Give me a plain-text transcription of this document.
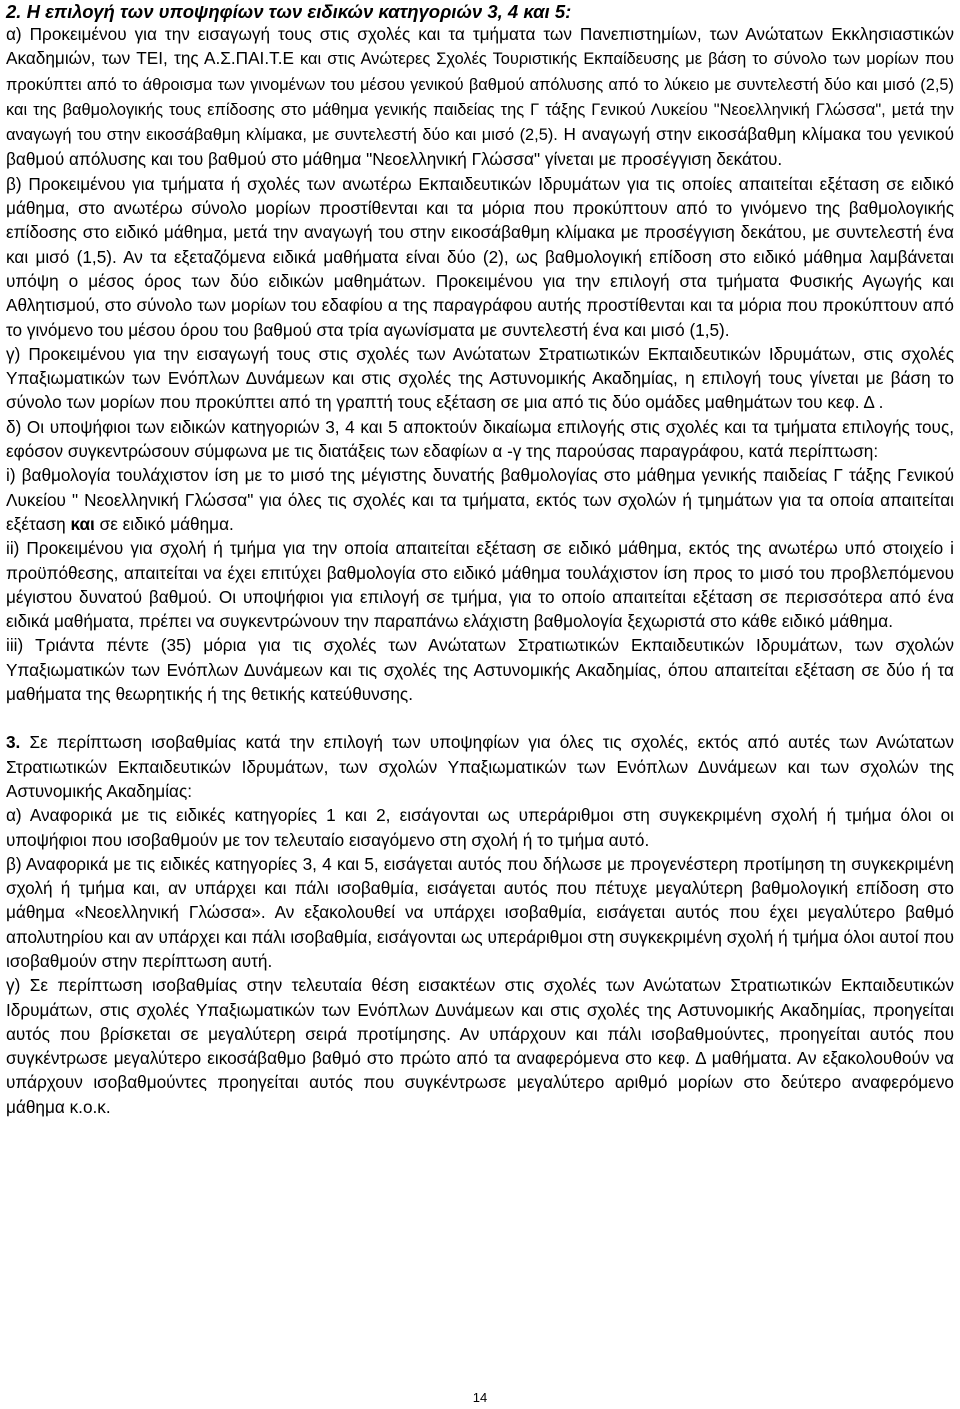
2. Η επιλογή των υποψηφίων των ειδικών κατηγοριών 3, 4 και 5:

α) Προκειμένου για την εισαγωγή τους στις σχολές και τα τμήματα των Πανεπιστημίων, των Ανώτατων Εκκλησιαστικών Ακαδημιών, των ΤΕΙ, της Α.Σ.ΠΑΙ.Τ.Ε και στις Ανώτερες Σχολές Τουριστικής Εκπαίδευσης με βάση το σύνολο των μορίων που προκύπτει από το άθροισμα των γινομένων του μέσου γενικού βαθμού απόλυσης από το λύκειο με συντελεστή δύο και μισό (2,5) και της βαθμολογικής τους επίδοσης στο μάθημα γενικής παιδείας της Γ τάξης Γενικού Λυκείου "Νεοελληνική Γλώσσα", μετά την αναγωγή του στην εικοσάβαθμη κλίμακα, με συντελεστή δύο και μισό (2,5). Η αναγωγή στην εικοσάβαθμη κλίμακα του γενικού βαθμού απόλυσης και του βαθμού στο μάθημα "Νεοελληνική Γλώσσα" γίνεται με προσέγγιση δεκάτου.

β) Προκειμένου για τμήματα ή σχολές των ανωτέρω Εκπαιδευτικών Ιδρυμάτων για τις οποίες απαιτείται εξέταση σε ειδικό μάθημα, στο ανωτέρω σύνολο μορίων προστίθενται και τα μόρια που προκύπτουν από το γινόμενο της βαθμολογικής επίδοσης στο ειδικό μάθημα, μετά την αναγωγή του στην εικοσάβαθμη κλίμακα με προσέγγιση δεκάτου, με συντελεστή ένα και μισό (1,5). Αν τα εξεταζόμενα ειδικά μαθήματα είναι δύο (2), ως βαθμολογική επίδοση στο ειδικό μάθημα λαμβάνεται υπόψη ο μέσος όρος των δύο ειδικών μαθημάτων. Προκειμένου για την επιλογή στα τμήματα Φυσικής Αγωγής και Αθλητισμού, στο σύνολο των μορίων του εδαφίου α της παραγράφου αυτής προστίθενται και τα μόρια που προκύπτουν από το γινόμενο του μέσου όρου του βαθμού στα τρία αγωνίσματα με συντελεστή ένα και μισό (1,5).

γ) Προκειμένου για την εισαγωγή τους στις σχολές των Ανώτατων Στρατιωτικών Εκπαιδευτικών Ιδρυμάτων, στις σχολές Υπαξιωματικών των Ενόπλων Δυνάμεων και στις σχολές της Αστυνομικής Ακαδημίας, η επιλογή τους γίνεται με βάση το σύνολο των μορίων που προκύπτει από τη γραπτή τους εξέταση σε μια από τις δύο ομάδες μαθημάτων του κεφ. Δ .

δ) Οι υποψήφιοι των ειδικών κατηγοριών 3, 4 και 5 αποκτούν δικαίωμα επιλογής στις σχολές και τα τμήματα επιλογής τους, εφόσον συγκεντρώσουν σύμφωνα με τις διατάξεις των εδαφίων α -γ της παρούσας παραγράφου, κατά περίπτωση:

i) βαθμολογία τουλάχιστον ίση με το μισό της μέγιστης δυνατής βαθμολογίας στο μάθημα γενικής παιδείας Γ τάξης Γενικού Λυκείου " Νεοελληνική Γλώσσα" για όλες τις σχολές και τα τμήματα, εκτός των σχολών ή τμημάτων για τα οποία απαιτείται εξέταση και σε ειδικό μάθημα.

ii) Προκειμένου για σχολή ή τμήμα για την οποία απαιτείται εξέταση σε ειδικό μάθημα, εκτός της ανωτέρω υπό στοιχείο i προϋπόθεσης, απαιτείται να έχει επιτύχει βαθμολογία στο ειδικό μάθημα τουλάχιστον ίση προς το μισό του προβλεπόμενου μέγιστου δυνατού βαθμού. Οι υποψήφιοι για επιλογή σε τμήμα, για το οποίο απαιτείται εξέταση σε περισσότερα από ένα ειδικά μαθήματα, πρέπει να συγκεντρώνουν την παραπάνω ελάχιστη βαθμολογία ξεχωριστά στο κάθε ειδικό μάθημα.

iii) Τριάντα πέντε (35) μόρια για τις σχολές των Ανώτατων Στρατιωτικών Εκπαιδευτικών Ιδρυμάτων, των σχολών Υπαξιωματικών των Ενόπλων Δυνάμεων και τις σχολές της Αστυνομικής Ακαδημίας, όπου απαιτείται εξέταση σε δύο ή τα μαθήματα της θεωρητικής ή της θετικής κατεύθυνσης.

3. Σε περίπτωση ισοβαθμίας κατά την επιλογή των υποψηφίων για όλες τις σχολές, εκτός από αυτές των Ανώτατων Στρατιωτικών Εκπαιδευτικών Ιδρυμάτων, των σχολών Υπαξιωματικών των Ενόπλων Δυνάμεων και των σχολών της Αστυνομικής Ακαδημίας:

α) Αναφορικά με τις ειδικές κατηγορίες 1 και 2, εισάγονται ως υπεράριθμοι στη συγκεκριμένη σχολή ή τμήμα όλοι οι υποψήφιοι που ισοβαθμούν με τον τελευταίο εισαγόμενο στη σχολή ή το τμήμα αυτό.

β) Αναφορικά με τις ειδικές κατηγορίες 3, 4 και 5, εισάγεται αυτός που δήλωσε με προγενέστερη προτίμηση τη συγκεκριμένη σχολή ή τμήμα και, αν υπάρχει και πάλι ισοβαθμία, εισάγεται αυτός που πέτυχε μεγαλύτερη βαθμολογική επίδοση στο μάθημα «Νεοελληνική Γλώσσα». Αν εξακολουθεί να υπάρχει ισοβαθμία, εισάγεται αυτός που έχει μεγαλύτερο βαθμό απολυτηρίου και αν υπάρχει και πάλι ισοβαθμία, εισάγονται ως υπεράριθμοι στη συγκεκριμένη σχολή ή τμήμα όλοι αυτοί που ισοβαθμούν στην περίπτωση αυτή.

γ) Σε περίπτωση ισοβαθμίας στην τελευταία θέση εισακτέων στις σχολές των Ανώτατων Στρατιωτικών Εκπαιδευτικών Ιδρυμάτων, στις σχολές Υπαξιωματικών των Ενόπλων Δυνάμεων και στις σχολές της Αστυνομικής Ακαδημίας, προηγείται αυτός που βρίσκεται σε μεγαλύτερη σειρά προτίμησης. Αν υπάρχουν και πάλι ισοβαθμούντες, προηγείται αυτός που συγκέντρωσε μεγαλύτερο εικοσάβαθμο βαθμό στο πρώτο από τα αναφερόμενα στο κεφ. Δ μαθήματα. Αν εξακολουθούν να υπάρχουν ισοβαθμούντες προηγείται αυτός που συγκέντρωσε μεγαλύτερο αριθμό μορίων στο δεύτερο αναφερόμενο μάθημα κ.ο.κ.

14
